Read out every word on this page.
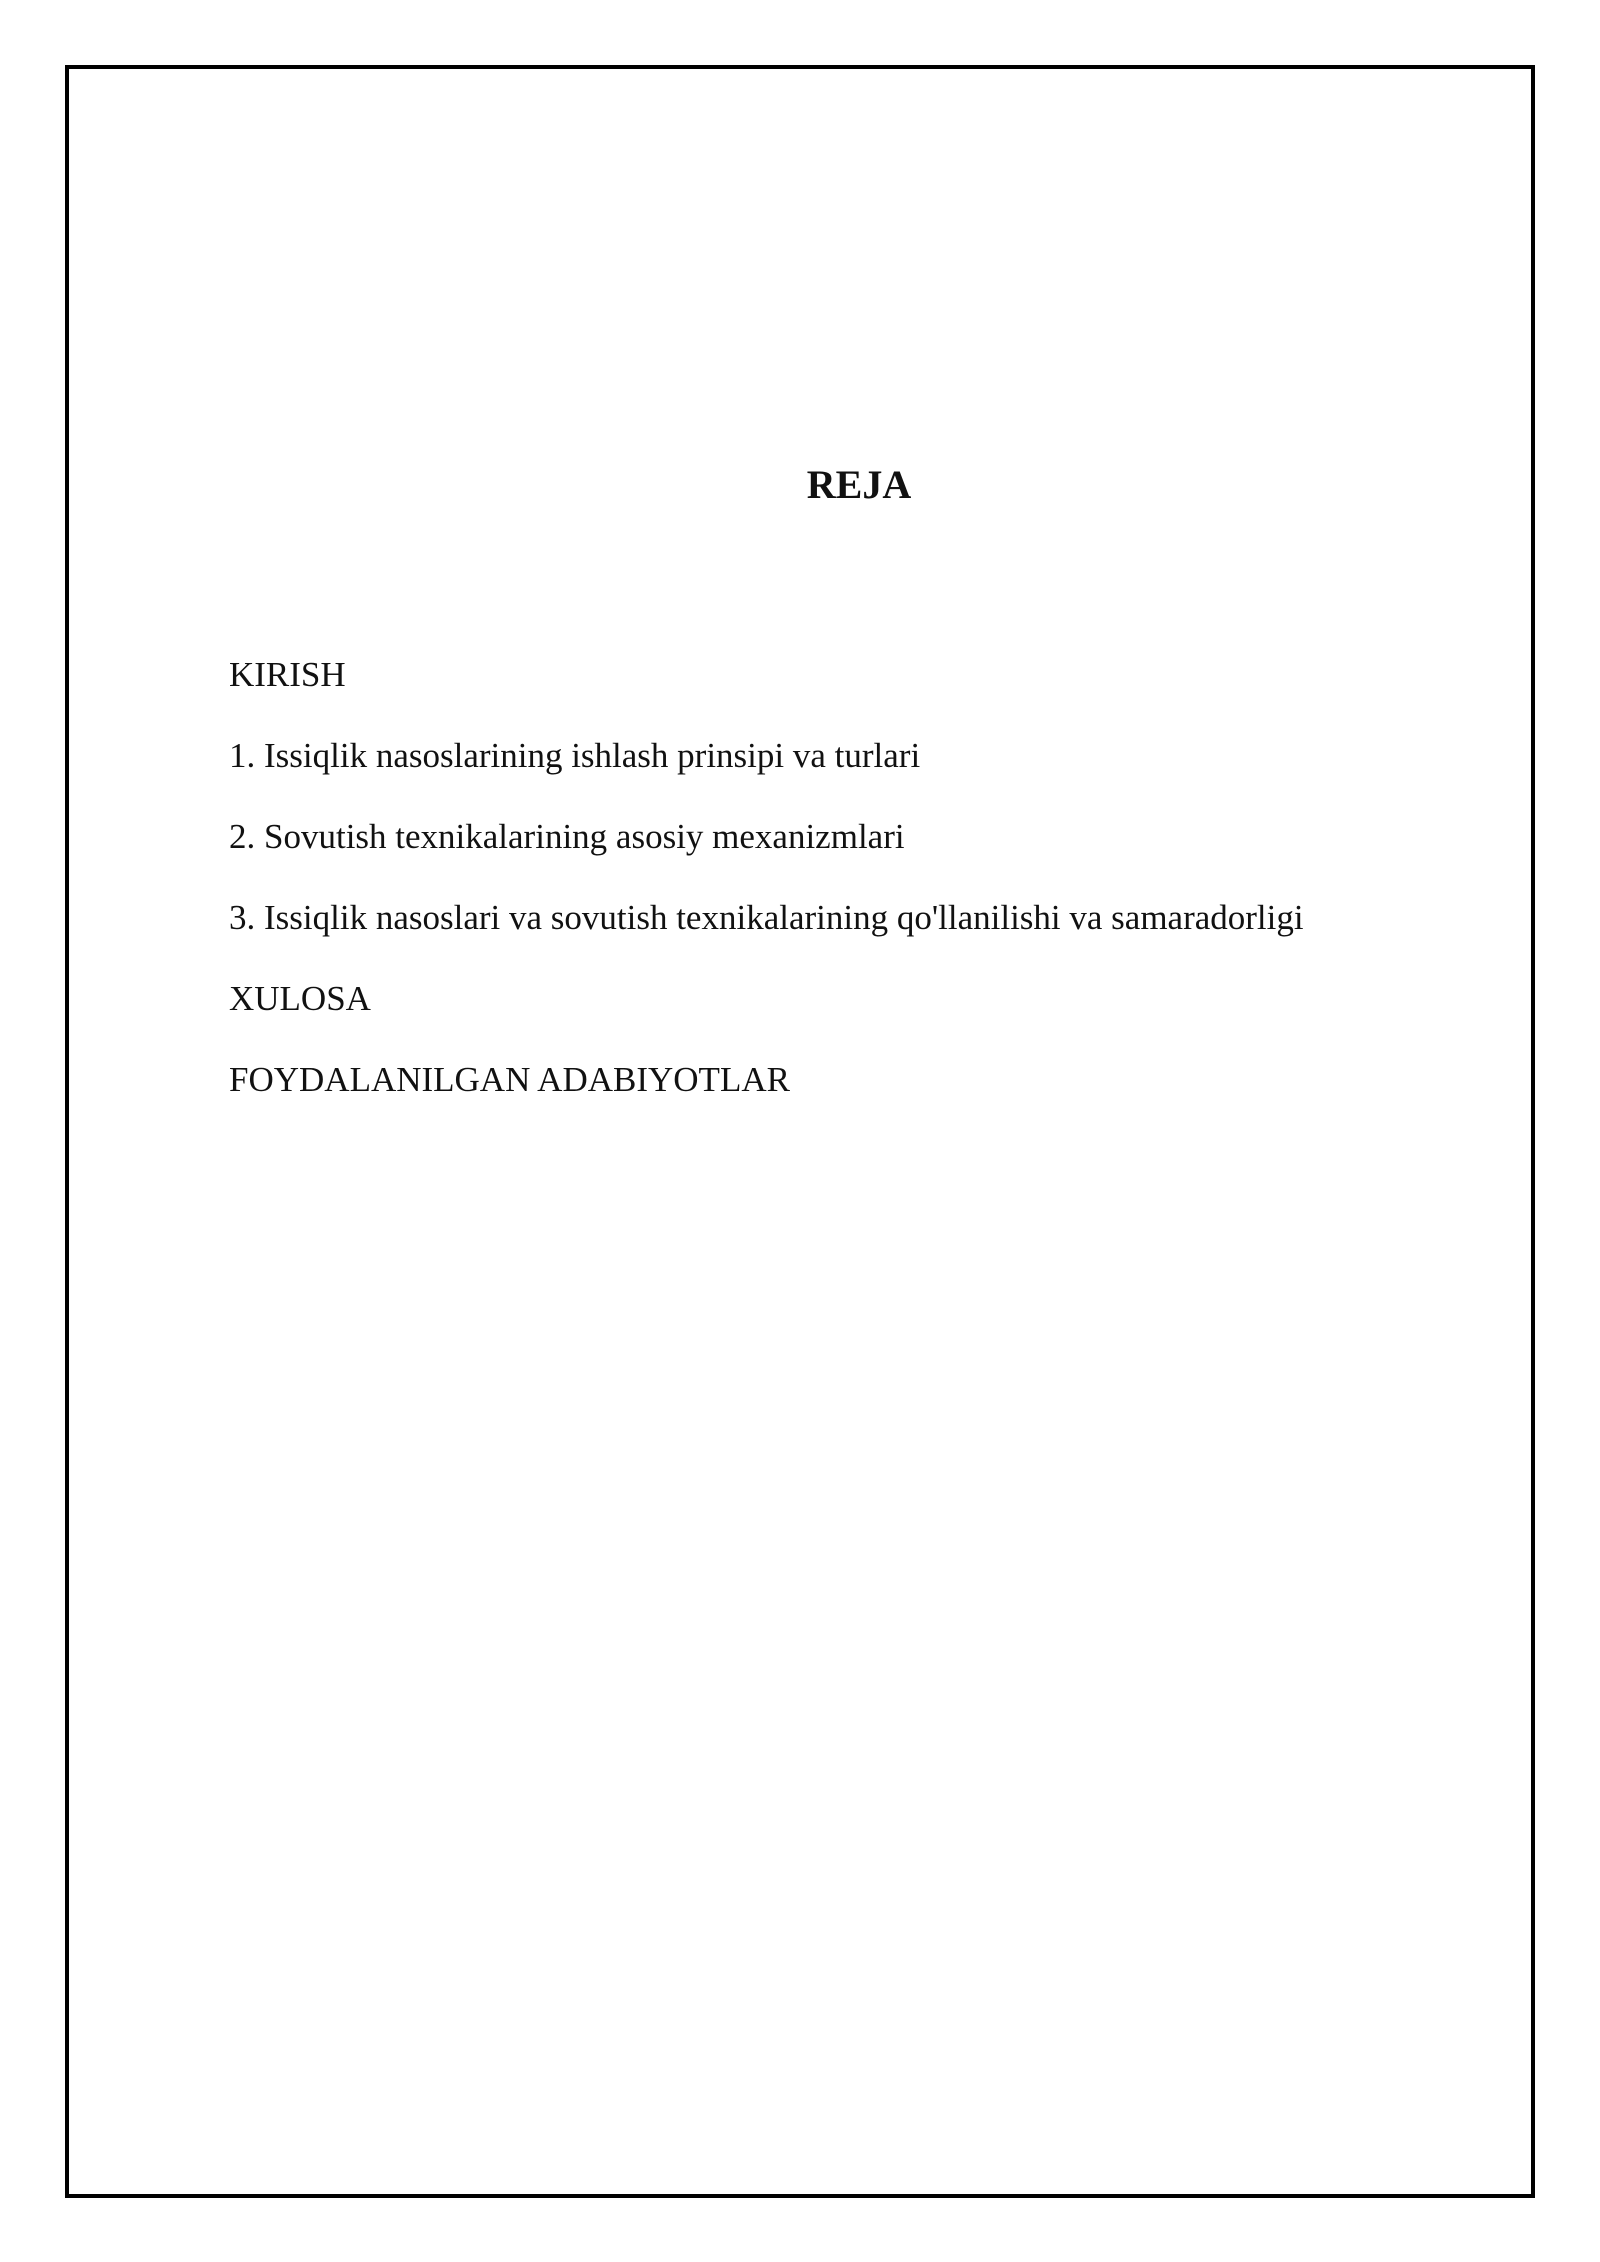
REJA
KIRISH
1. Issiqlik nasoslarining ishlash prinsipi va turlari
2. Sovutish texnikalarining asosiy mexanizmlari
3. Issiqlik nasoslari va sovutish texnikalarining qo'llanilishi va samaradorligi
XULOSA
FOYDALANILGAN ADABIYOTLAR
